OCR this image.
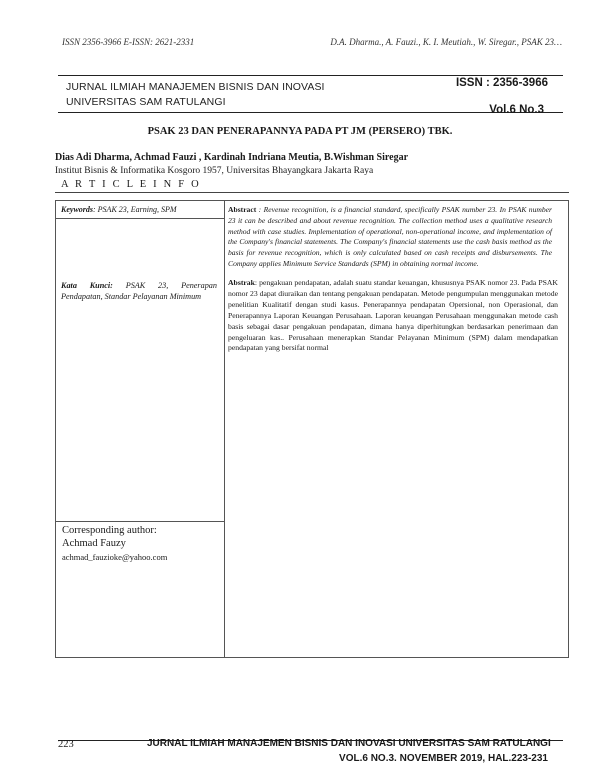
ISSN 2356-3966 E-ISSN: 2621-2331	D.A. Dharma., A. Fauzi., K. I. Meutiah., W. Siregar., PSAK 23…
JURNAL ILMIAH MANAJEMEN BISNIS DAN INOVASI
UNIVERSITAS SAM RATULANGI
ISSN : 2356-3966
Vol.6 No.3
PSAK 23 DAN PENERAPANNYA PADA PT JM (PERSERO) TBK.
Dias Adi Dharma, Achmad Fauzi , Kardinah Indriana Meutia, B.Wishman Siregar
Institut Bisnis & Informatika Kosgoro 1957, Universitas Bhayangkara Jakarta Raya
A R T I C L E I N F O
Keywords: PSAK 23, Earning, SPM	Abstract : Revenue recognition, is a financial standard, specifically PSAK number 23. In PSAK number 23 it can be described and about revenue recognition. The collection method uses a qualitative research method with case studies. Implementation of operational, non-operational income, and implementation of the Company's financial statements. The Company's financial statements use the cash basis method as the basis for revenue recognition, which is only calculated based on cash receipts and disbursements. The Company applies Minimum Service Standards (SPM) in obtaining normal income.
Kata Kunci: PSAK 23, Penerapan Pendapatan, Standar Pelayanan Minimum
Abstrak: pengakuan pendapatan, adalah suatu standar keuangan, khususnya PSAK nomor 23. Pada PSAK nomor 23 dapat diuraikan dan tentang pengakuan pendapatan. Metode pengumpulan menggunakan metode penelitian Kualitatif dengan studi kasus. Penerapannya pendapatan Opersional, non Operasional, dan Penerapannya Laporan Keuangan Perusahaan. Laporan keuangan Perusahaan menggunakan metode cash basis sebagai dasar pengakuan pendapatan, dimana hanya diperhitungkan berdasarkan penerimaan dan pengeluaran kas.. Perusahaan menerapkan Standar Pelayanan Minimum (SPM) dalam mendapatkan pendapatan yang bersifat normal
Corresponding author:
Achmad Fauzy
achmad_fauzioke@yahoo.com
223	JURNAL ILMIAH MANAJEMEN BISNIS DAN INOVASI UNIVERSITAS SAM RATULANGI
VOL.6 NO.3. NOVEMBER 2019, HAL.223-231
